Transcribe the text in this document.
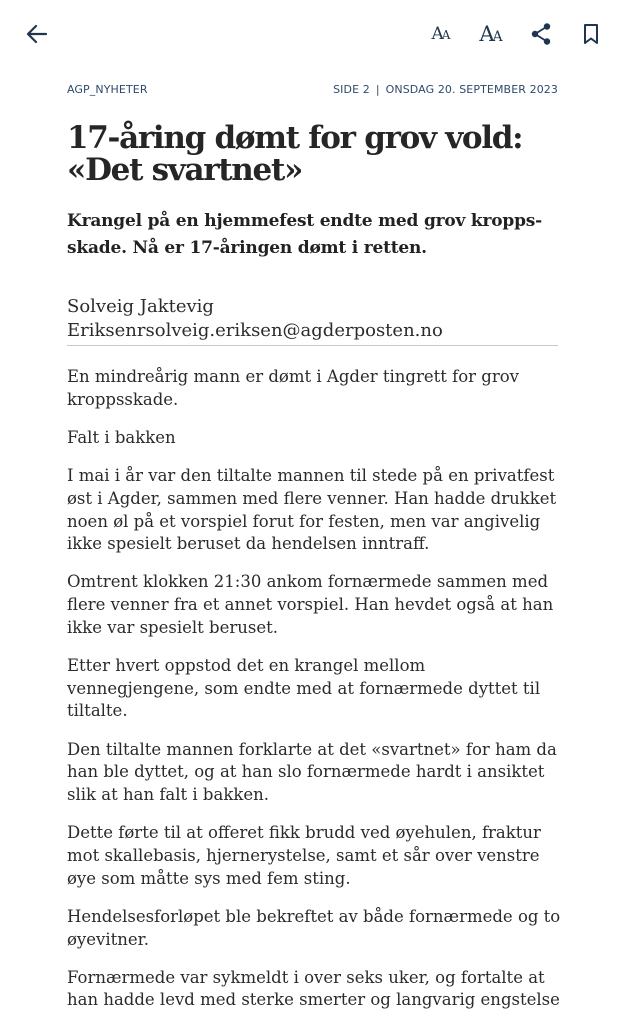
AA AA
AGP_NYHETER	SIDE 2 | ONSDAG 20. SEPTEMBER 2023
17-åring dømt for grov vold: «Det svartnet»

Krangel på en hjemmefest endte med grov kroppsskade. Nå er 17-åringen dømt i retten.

Solveig Jaktevig
Eriksenrsolveig.eriksen@agderposten.no

En mindreårig mann er dømt i Agder tingrett for grov kroppsskade.

Falt i bakken

I mai i år var den tiltalte mannen til stede på en privatfest øst i Agder, sammen med flere venner. Han hadde drukket noen øl på et vorspiel forut for festen, men var angivelig ikke spesielt beruset da hendelsen inntraff.

Omtrent klokken 21:30 ankom fornærmede sammen med flere venner fra et annet vorspiel. Han hevdet også at han ikke var spesielt beruset.

Etter hvert oppstod det en krangel mellom vennegjengene, som endte med at fornærmede dyttet til tiltalte.

Den tiltalte mannen forklarte at det «svartnet» for ham da han ble dyttet, og at han slo fornærmede hardt i ansiktet slik at han falt i bakken.

Dette førte til at offeret fikk brudd ved øyehulen, fraktur mot skallebasis, hjernerystelse, samt et sår over venstre øye som måtte sys med fem sting.

Hendelsesforløpet ble bekreftet av både fornærmede og to øyevitner.

Fornærmede var sykmeldt i over seks uker, og fortalte at han hadde levd med sterke smerter og langvarig engstelse
